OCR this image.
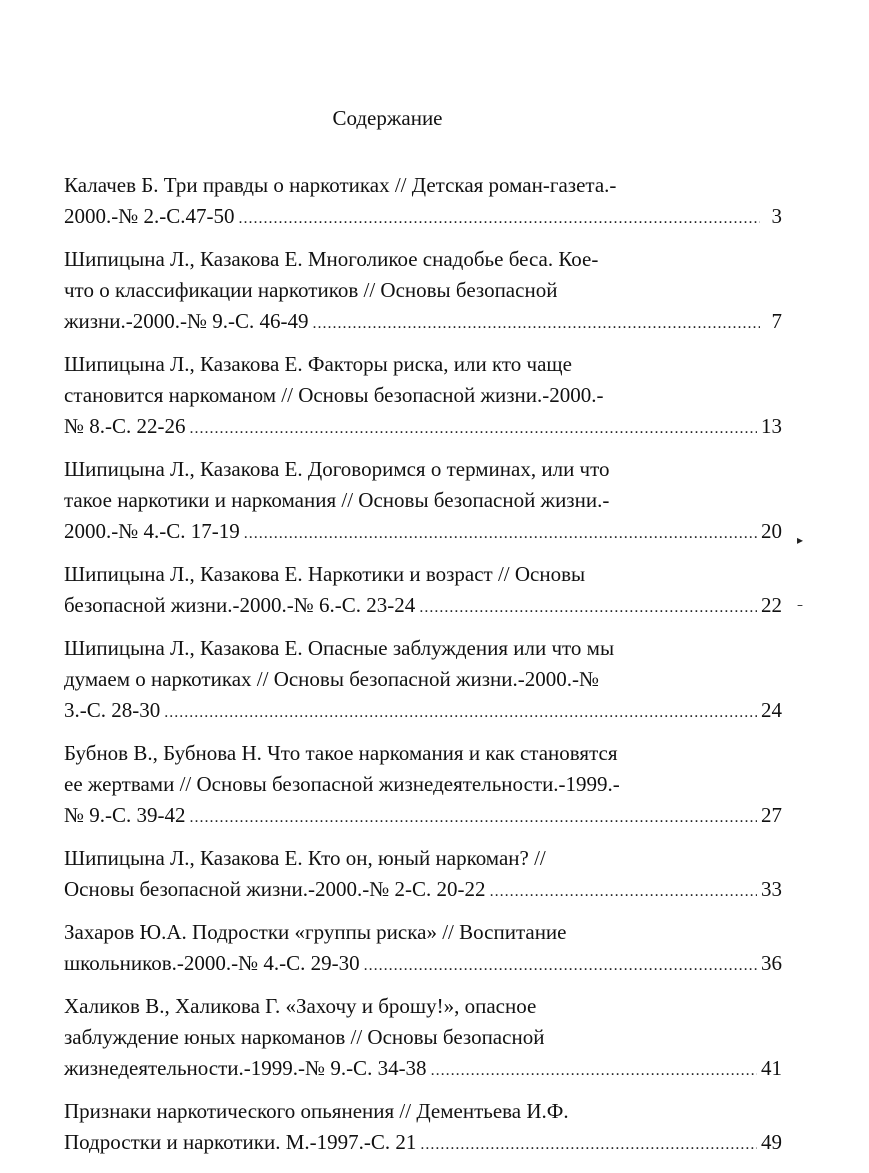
Содержание
Калачев Б. Три правды о наркотиках // Детская роман-газета.-
2000.-№ 2.-С.47-50 .....	3
Шипицына Л., Казакова Е. Многоликое снадобье беса. Кое-
что о классификации наркотиков // Основы безопасной
жизни.-2000.-№ 9.-С. 46-49 .....	7
Шипицына Л., Казакова Е. Факторы риска, или кто чаще
становится наркоманом // Основы безопасной жизни.-2000.-
№ 8.-С. 22-26 .....	13
Шипицына Л., Казакова Е. Договоримся о терминах, или что
такое наркотики и наркомания // Основы безопасной жизни.-
2000.-№ 4.-С. 17-19 .....	20
Шипицына Л., Казакова Е. Наркотики и возраст // Основы
безопасной жизни.-2000.-№ 6.-С. 23-24 .....	22
Шипицына Л., Казакова Е. Опасные заблуждения или что мы
думаем о наркотиках // Основы безопасной жизни.-2000.-№
3.-С. 28-30 .....	24
Бубнов В., Бубнова Н. Что такое наркомания и как становятся
ее жертвами // Основы безопасной жизнедеятельности.-1999.-
№ 9.-С. 39-42 .....	27
Шипицына Л., Казакова Е. Кто он, юный наркоман? //
Основы безопасной жизни.-2000.-№ 2-С. 20-22 .....	33
Захаров Ю.А. Подростки «группы риска» // Воспитание
школьников.-2000.-№ 4.-С. 29-30 .....	36
Халиков В., Халикова Г. «Захочу и брошу!», опасное
заблуждение юных наркоманов // Основы безопасной
жизнедеятельности.-1999.-№ 9.-С. 34-38 .....	41
Признаки наркотического опьянения // Дементьева И.Ф.
Подростки и наркотики. М.-1997.-С. 21 .....	49
▸
–
